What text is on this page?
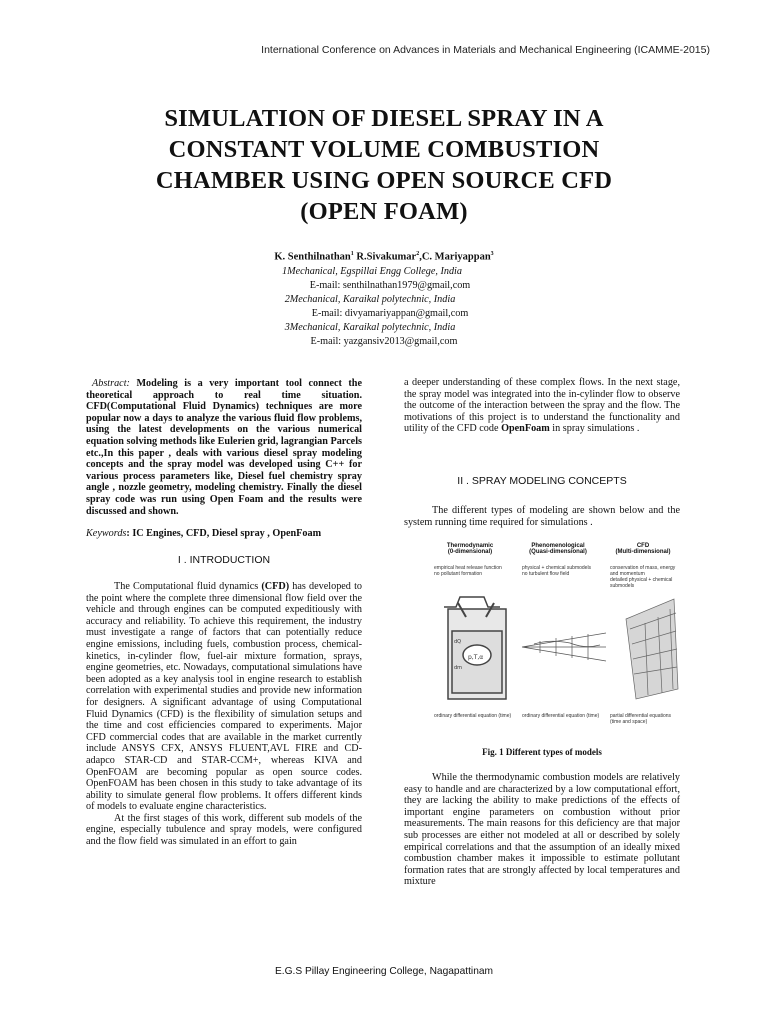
International Conference on Advances in Materials and Mechanical Engineering (ICAMME-2015)
SIMULATION OF DIESEL SPRAY IN A
CONSTANT VOLUME COMBUSTION
CHAMBER USING OPEN SOURCE CFD
(OPEN FOAM)
K. Senthilnathan$^1$ R.Sivakumar$^2$,C. Mariyappan$^3$
1Mechanical, Egspillai Engg College, India
E-mail: senthilnathan1979@gmail,com
2Mechanical, Karaikal polytechnic, India
E-mail: divyamariyappan@gmail,com
3Mechanical, Karaikal polytechnic, India
E-mail: yazgansiv2013@gmail,com
Abstract: Modeling is a very important tool connect the theoretical approach to real time situation. CFD(Computational Fluid Dynamics) techniques are more popular now a days to analyze the various fluid flow problems, using the latest developments on the various numerical equation solving methods like Eulerien grid, lagrangian Parcels etc.,In this paper , deals with various diesel spray modeling concepts and the spray model was developed using C++ for various process parameters like, Diesel fuel chemistry spray angle , nozzle geometry, modeling chemistry. Finally the diesel spray code was run using Open Foam and the results were discussed and shown.
Keywords: IC Engines, CFD, Diesel spray , OpenFoam
I . INTRODUCTION

The Computational fluid dynamics (CFD) has developed to the point where the complete three dimensional flow field over the vehicle and through engines can be computed expeditiously with accuracy and reliability. To achieve this requirement, the industry must investigate a range of factors that can potentially reduce engine emissions, including fuels, combustion process, chemical-kinetics, in-cylinder flow, fuel-air mixture formation, sprays, engine geometries, etc. Nowadays, computational simulations have been adopted as a key analysis tool in engine research to establish correlation with experimental studies and provide new information for designers. A significant advantage of using Computational Fluid Dynamics (CFD) is the flexibility of simulation setups and the time and cost efficiencies compared to experiments. Major CFD commercial codes that are available in the market currently include ANSYS CFX, ANSYS FLUENT,AVL FIRE and CD-adapco STAR-CD and STAR-CCM+, whereas KIVA and OpenFOAM are becoming popular as open source codes. OpenFOAM has been chosen in this study to take advantage of its ability to simulate general flow problems. It offers different kinds of models to evaluate engine characteristics.

At the first stages of this work, different sub models of the engine, especially tubulence and spray models, were configured and the flow field was simulated in an effort to gain

a deeper understanding of these complex flows. In the next stage, the spray model was integrated into the in-cylinder flow to observe the outcome of the interaction between the spray and the flow. The motivations of this project is to understand the functionality and utility of the CFD code OpenFoam in spray simulations .

II . SPRAY MODELING CONCEPTS

The different types of modeling are shown below and the system running time required for simulations .

Thermodynamic
(0-dimensional)
Phenomenological
(Quasi-dimensional)
CFD
(Multi-dimensional)
empirical heat release function
no pollutant formation
physical + chemical submodels
no turbulent flow field
conservation of mass, energy and momentum
detailed physical + chemical submodels
p,T,α
dQ
dm
ordinary differential equation (time)	ordinary differential equation (time)	partial differential equations (time and space)
Fig. 1 Different types of models

While the thermodynamic combustion models are relatively easy to handle and are characterized by a low computational effort, they are lacking the ability to make predictions of the effects of important engine parameters on combustion without prior measurements. The main reasons for this deficiency are that major sub processes are either not modeled at all or described by solely empirical correlations and that the assumption of an ideally mixed combustion chamber makes it impossible to estimate pollutant formation rates that are strongly affected by local temperatures and mixture

E.G.S Pillay Engineering College, Nagapattinam
